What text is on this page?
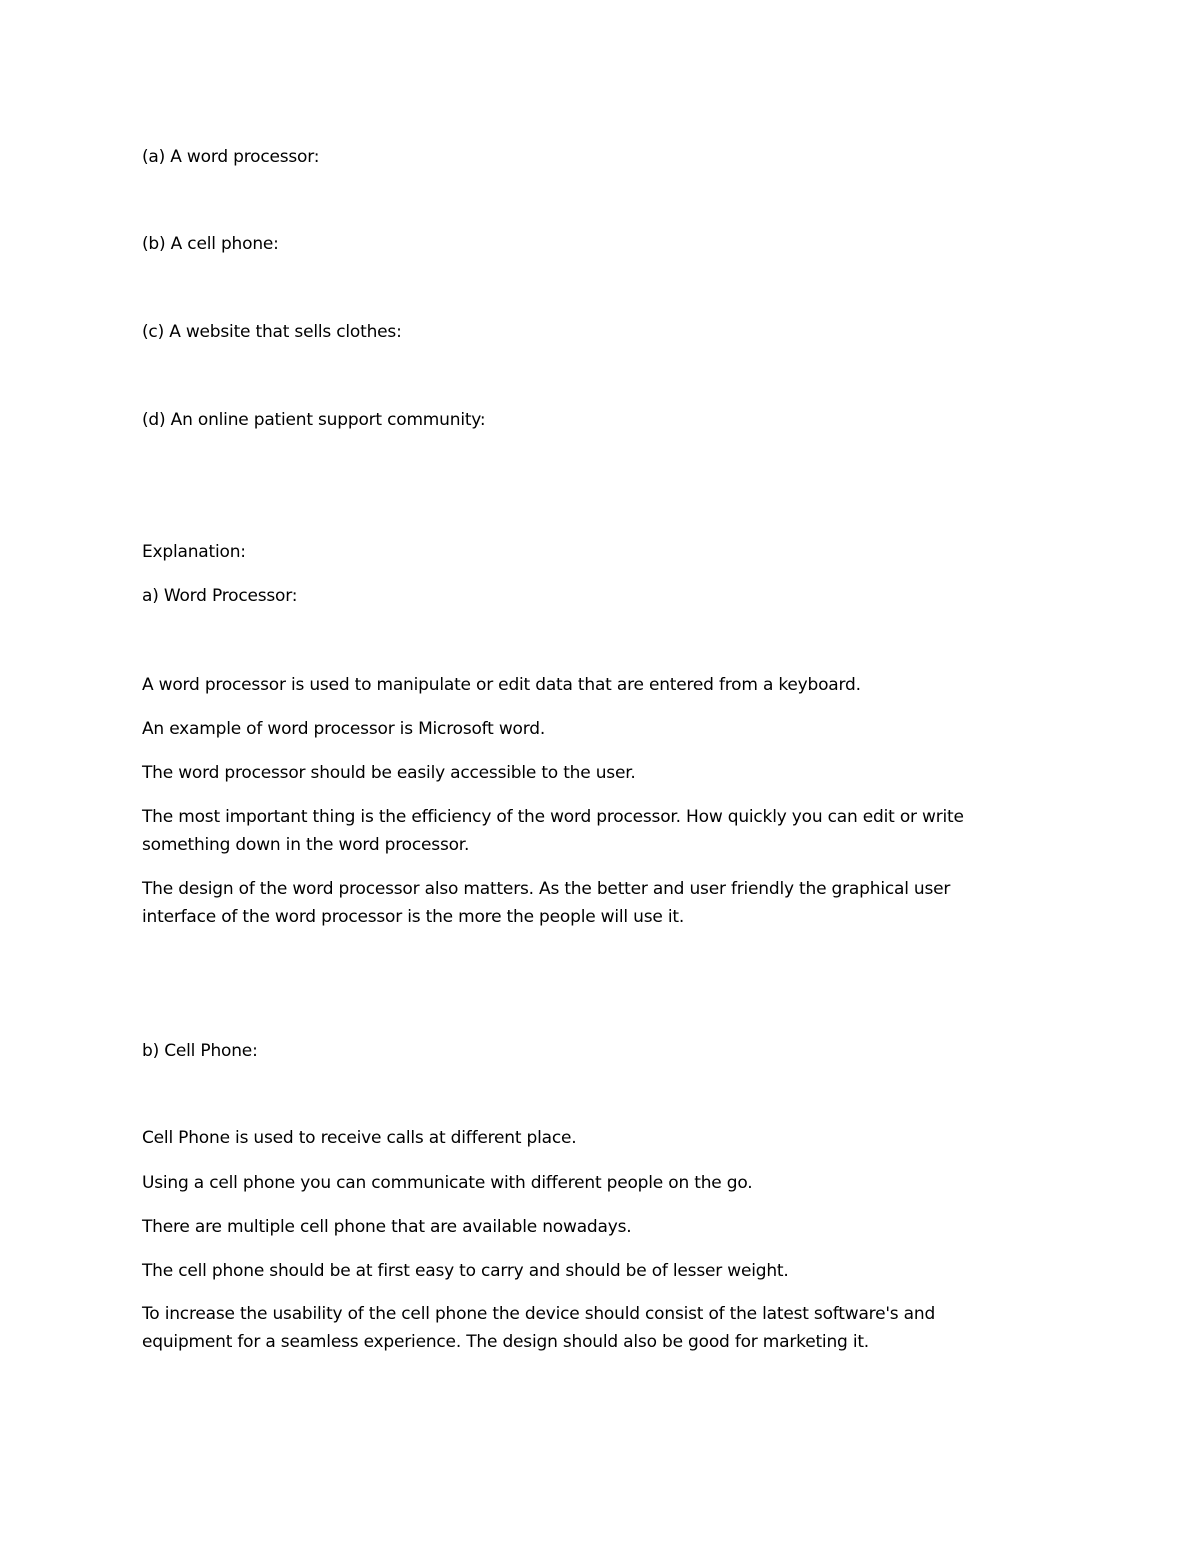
(a) A word processor:

(b) A cell phone:

(c) A website that sells clothes:

(d) An online patient support community:

Explanation:

a) Word Processor:

A word processor is used to manipulate or edit data that are entered from a keyboard.

An example of word processor is Microsoft word.

The word processor should be easily accessible to the user.

The most important thing is the efficiency of the word processor. How quickly you can edit or write
something down in the word processor.
The design of the word processor also matters. As the better and user friendly the graphical user
interface of the word processor is the more the people will use it.

b) Cell Phone:

Cell Phone is used to receive calls at different place.

Using a cell phone you can communicate with different people on the go.

There are multiple cell phone that are available nowadays.

The cell phone should be at first easy to carry and should be of lesser weight.

To increase the usability of the cell phone the device should consist of the latest software's and
equipment for a seamless experience. The design should also be good for marketing it.
